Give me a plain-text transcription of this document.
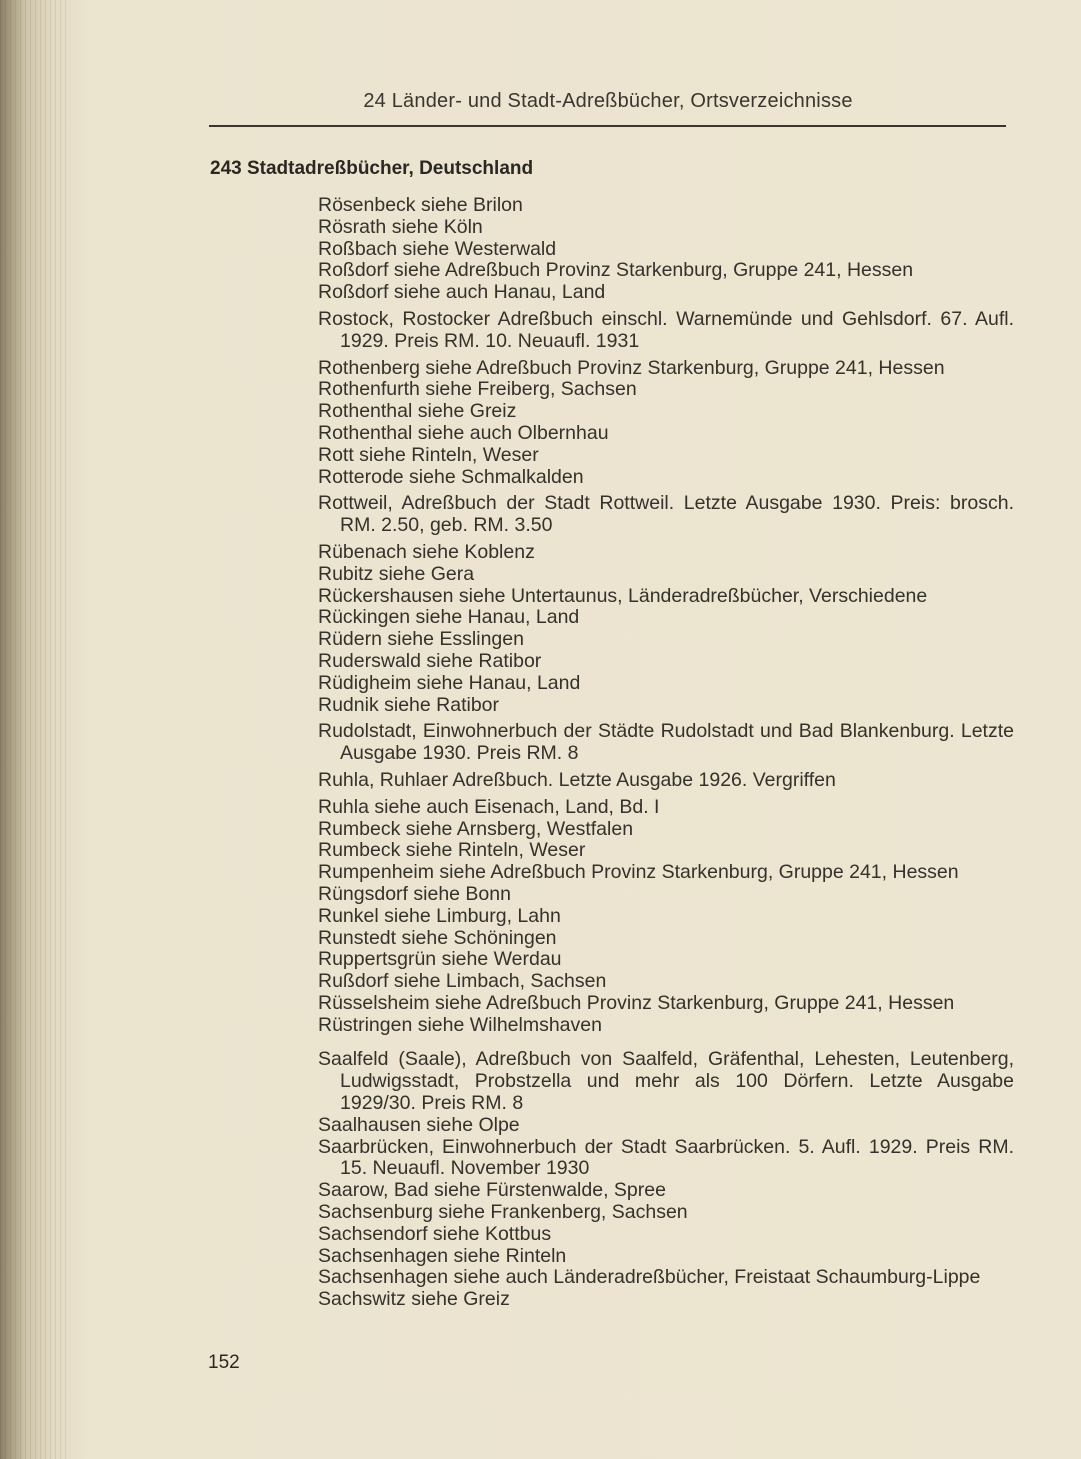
24 Länder- und Stadt-Adreßbücher, Ortsverzeichnisse
243 Stadtadreßbücher, Deutschland
Rösenbeck siehe Brilon
Rösrath siehe Köln
Roßbach siehe Westerwald
Roßdorf siehe Adreßbuch Provinz Starkenburg, Gruppe 241, Hessen
Roßdorf siehe auch Hanau, Land
Rostock, Rostocker Adreßbuch einschl. Warnemünde und Gehlsdorf. 67. Aufl. 1929. Preis RM. 10. Neuaufl. 1931
Rothenberg siehe Adreßbuch Provinz Starkenburg, Gruppe 241, Hessen
Rothenfurth siehe Freiberg, Sachsen
Rothenthal siehe Greiz
Rothenthal siehe auch Olbernhau
Rott siehe Rinteln, Weser
Rotterode siehe Schmalkalden
Rottweil, Adreßbuch der Stadt Rottweil. Letzte Ausgabe 1930. Preis: brosch. RM. 2.50, geb. RM. 3.50
Rübenach siehe Koblenz
Rubitz siehe Gera
Rückershausen siehe Untertaunus, Länderadreßbücher, Verschiedene
Rückingen siehe Hanau, Land
Rüdern siehe Esslingen
Ruderswald siehe Ratibor
Rüdigheim siehe Hanau, Land
Rudnik siehe Ratibor
Rudolstadt, Einwohnerbuch der Städte Rudolstadt und Bad Blankenburg. Letzte Ausgabe 1930. Preis RM. 8
Ruhla, Ruhlaer Adreßbuch. Letzte Ausgabe 1926. Vergriffen
Ruhla siehe auch Eisenach, Land, Bd. I
Rumbeck siehe Arnsberg, Westfalen
Rumbeck siehe Rinteln, Weser
Rumpenheim siehe Adreßbuch Provinz Starkenburg, Gruppe 241, Hessen
Rüngsdorf siehe Bonn
Runkel siehe Limburg, Lahn
Runstedt siehe Schöningen
Ruppertsgrün siehe Werdau
Rußdorf siehe Limbach, Sachsen
Rüsselsheim siehe Adreßbuch Provinz Starkenburg, Gruppe 241, Hessen
Rüstringen siehe Wilhelmshaven
Saalfeld (Saale), Adreßbuch von Saalfeld, Gräfenthal, Lehesten, Leutenberg, Ludwigsstadt, Probstzella und mehr als 100 Dörfern. Letzte Ausgabe 1929/30. Preis RM. 8
Saalhausen siehe Olpe
Saarbrücken, Einwohnerbuch der Stadt Saarbrücken. 5. Aufl. 1929. Preis RM. 15. Neuaufl. November 1930
Saarow, Bad siehe Fürstenwalde, Spree
Sachsenburg siehe Frankenberg, Sachsen
Sachsendorf siehe Kottbus
Sachsenhagen siehe Rinteln
Sachsenhagen siehe auch Länderadreßbücher, Freistaat Schaumburg-Lippe
Sachswitz siehe Greiz
152
